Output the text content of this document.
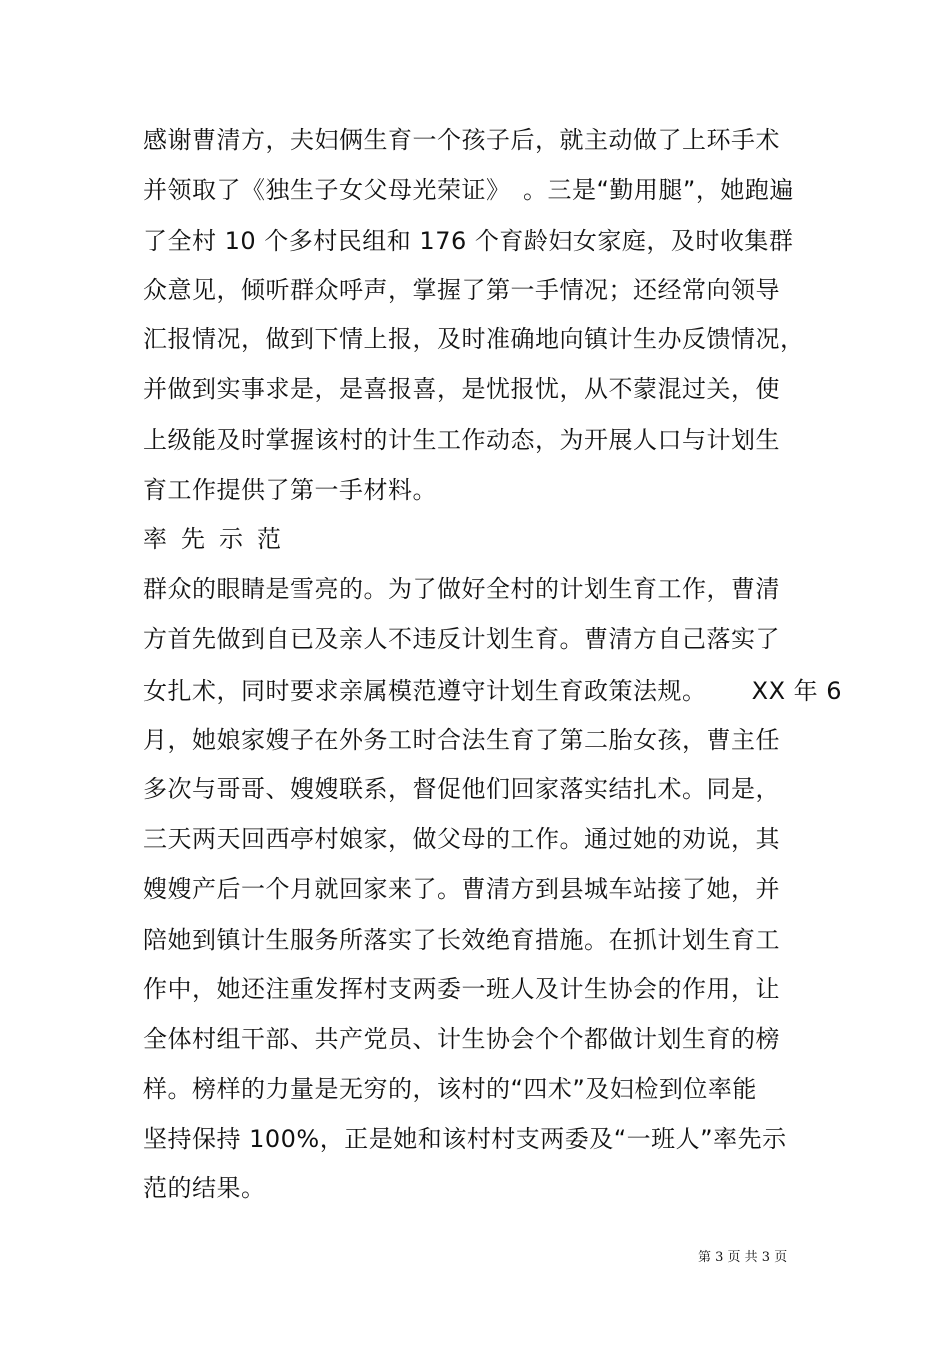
感谢曹清方，夫妇俩生育一个孩子后，就主动做了上环手术
并领取了《独生子女父母光荣证》　。三是“勤用腿”，她跑遍
了全村 10 个多村民组和 176 个育龄妇女家庭，及时收集群
众意见，倾听群众呼声，掌握了第一手情况；还经常向领导
汇报情况，做到下情上报，及时准确地向镇计生办反馈情况，
并做到实事求是，是喜报喜，是忧报忧，从不蒙混过关，使
上级能及时掌握该村的计生工作动态，为开展人口与计划生
育工作提供了第一手材料。
率先示范
群众的眼睛是雪亮的。为了做好全村的计划生育工作，曹清
方首先做到自已及亲人不违反计划生育。曹清方自己落实了
女扎术，同时要求亲属模范遵守计划生育政策法规。　　 XX 年 6
月，她娘家嫂子在外务工时合法生育了第二胎女孩，曹主任
多次与哥哥、嫂嫂联系，督促他们回家落实结扎术。同是，
三天两天回西亭村娘家，做父母的工作。通过她的劝说，其
嫂嫂产后一个月就回家来了。曹清方到县城车站接了她，并
陪她到镇计生服务所落实了长效绝育措施。在抓计划生育工
作中，她还注重发挥村支两委一班人及计生协会的作用，让
全体村组干部、共产党员、计生协会个个都做计划生育的榜
样。榜样的力量是无穷的，该村的“四术”及妇检到位率能
坚持保持 100%，正是她和该村村支两委及“一班人”率先示
范的结果。
第 3 页 共 3 页
